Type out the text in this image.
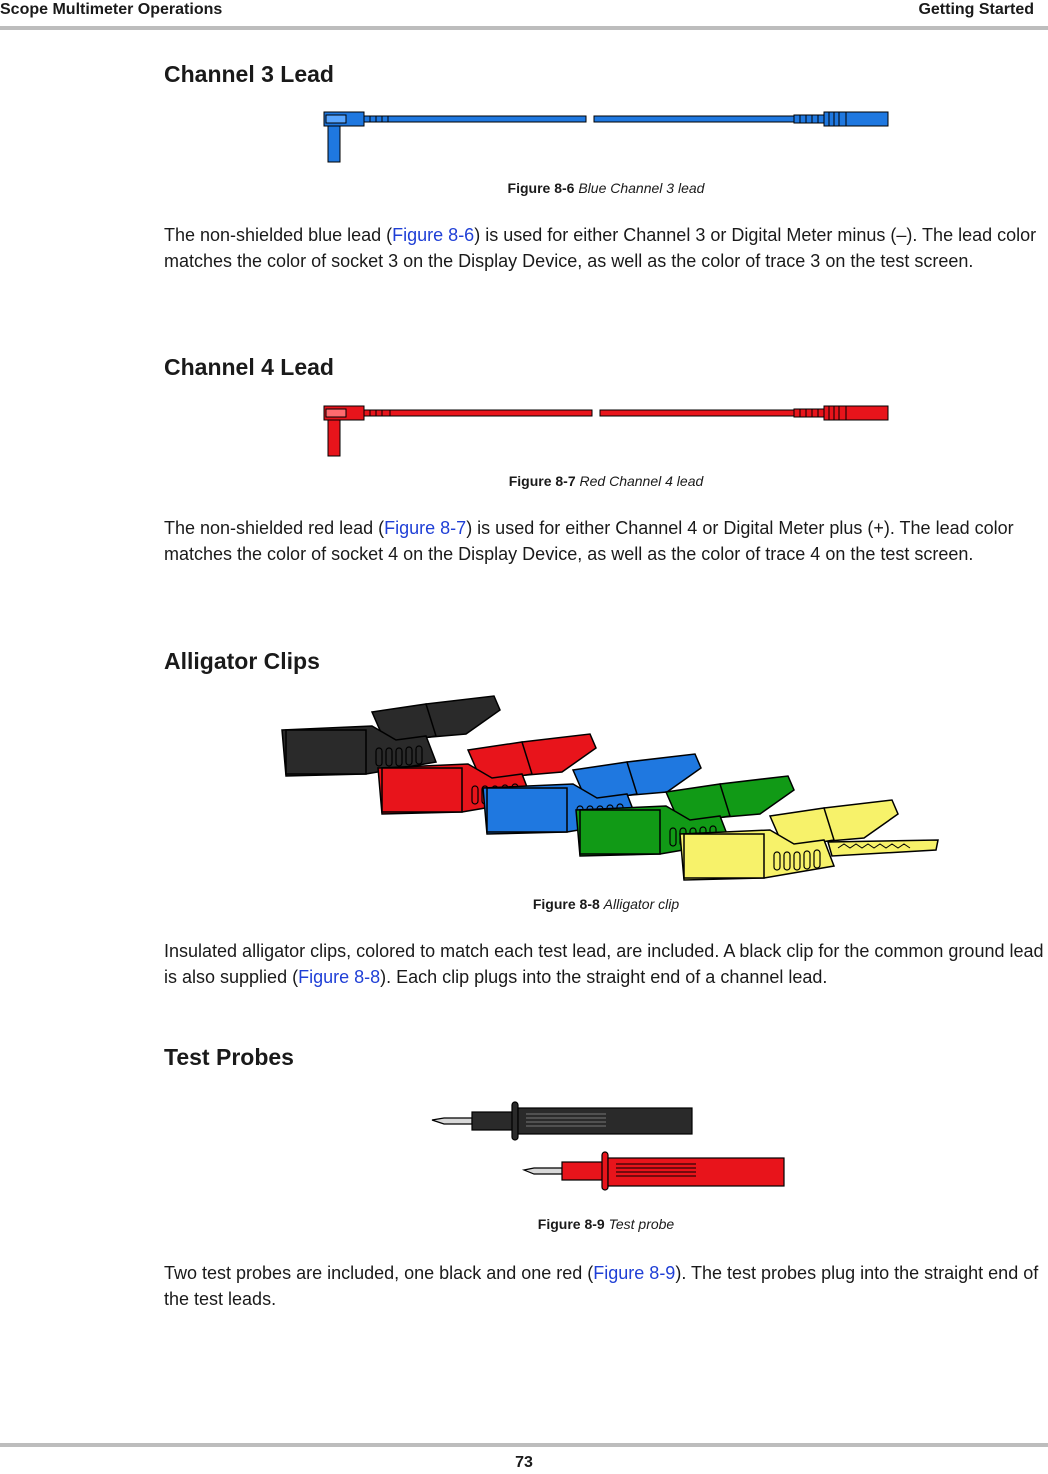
Scope Multimeter Operations	Getting Started
Channel 3 Lead
Figure 8-6 Blue Channel 3 lead

The non-shielded blue lead (Figure 8-6) is used for either Channel 3 or Digital Meter minus (–). The lead color matches the color of socket 3 on the Display Device, as well as the color of trace 3 on the test screen.

Channel 4 Lead
Figure 8-7 Red Channel 4 lead

The non-shielded red lead (Figure 8-7) is used for either Channel 4 or Digital Meter plus (+). The lead color matches the color of socket 4 on the Display Device, as well as the color of trace 4 on the test screen.

Alligator Clips
Figure 8-8 Alligator clip

Insulated alligator clips, colored to match each test lead, are included. A black clip for the common ground lead is also supplied (Figure 8-8). Each clip plugs into the straight end of a channel lead.

Test Probes
Figure 8-9 Test probe

Two test probes are included, one black and one red (Figure 8-9). The test probes plug into the straight end of the test leads.

73
